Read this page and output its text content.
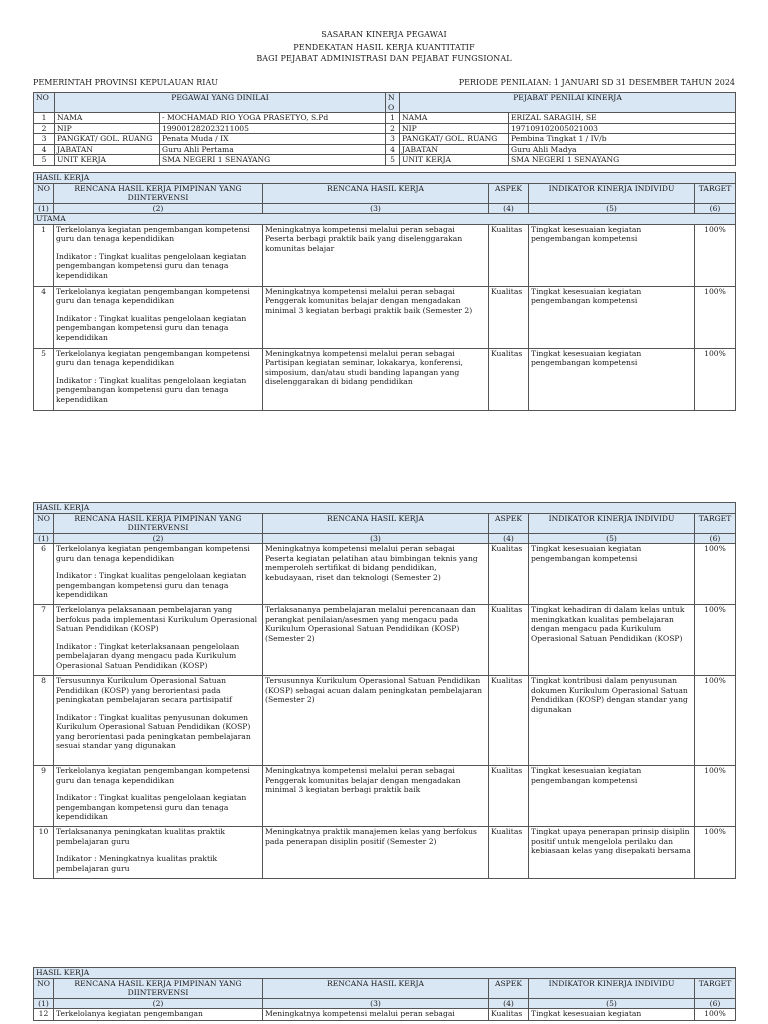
SASARAN KINERJA PEGAWAI
PENDEKATAN HASIL KERJA KUANTITATIF
BAGI PEJABAT ADMINISTRASI DAN PEJABAT FUNGSIONAL
PEMERINTAH PROVINSI KEPULAUAN RIAU	PERIODE PENILAIAN: 1 JANUARI SD 31 DESEMBER TAHUN 2024
NO	PEGAWAI YANG DINILAI		NO	PEJABAT PENILAI KINERJA	
1	NAMA	- MOCHAMAD RIO YOGA PRASETYO, S.Pd	1	NAMA	ERIZAL SARAGIH, SE
2	NIP	199001282023211005	2	NIP	197109102005021003
3	PANGKAT/ GOL. RUANG	Penata Muda / IX	3	PANGKAT/ GOL. RUANG	Pembina Tingkat 1 / IV/b
4	JABATAN	Guru Ahli Pertama	4	JABATAN	Guru Ahli Madya
5	UNIT KERJA	SMA NEGERI 1 SENAYANG	5	UNIT KERJA	SMA NEGERI 1 SENAYANG
HASIL KERJA					
NO	RENCANA HASIL KERJA PIMPINAN YANG DIINTERVENSI	RENCANA HASIL KERJA	ASPEK	INDIKATOR KINERJA INDIVIDU	TARGET
(1)	(2)	(3)	(4)	(5)	(6)
UTAMA					
1	Terkelolanya kegiatan pengembangan kompetensi guru dan tenaga kependidikan
Indikator : Tingkat kualitas pengelolaan kegiatan pengembangan kompetensi guru dan tenaga kependidikan	Meningkatnya kompetensi melalui peran sebagai Peserta berbagi praktik baik yang diselenggarakan komunitas belajar	Kualitas	Tingkat kesesuaian kegiatan pengembangan kompetensi	100%
4	Terkelolanya kegiatan pengembangan kompetensi guru dan tenaga kependidikan
Indikator : Tingkat kualitas pengelolaan kegiatan pengembangan kompetensi guru dan tenaga kependidikan	Meningkatnya kompetensi melalui peran sebagai Penggerak komunitas belajar dengan mengadakan minimal 3 kegiatan berbagi praktik baik (Semester 2)	Kualitas	Tingkat kesesuaian kegiatan pengembangan kompetensi	100%
5	Terkelolanya kegiatan pengembangan kompetensi guru dan tenaga kependidikan
Indikator : Tingkat kualitas pengelolaan kegiatan pengembangan kompetensi guru dan tenaga kependidikan	Meningkatnya kompetensi melalui peran sebagai Partisipan kegiatan seminar, lokakarya, konferensi, simposium, dan/atau studi banding lapangan yang diselenggarakan di bidang pendidikan	Kualitas	Tingkat kesesuaian kegiatan pengembangan kompetensi	100%
HASIL KERJA					
NO	RENCANA HASIL KERJA PIMPINAN YANG DIINTERVENSI	RENCANA HASIL KERJA	ASPEK	INDIKATOR KINERJA INDIVIDU	TARGET
(1)	(2)	(3)	(4)	(5)	(6)
6	Terkelolanya kegiatan pengembangan kompetensi guru dan tenaga kependidikan
Indikator : Tingkat kualitas pengelolaan kegiatan pengembangan kompetensi guru dan tenaga kependidikan	Meningkatnya kompetensi melalui peran sebagai Peserta kegiatan pelatihan atau bimbingan teknis yang memperoleh sertifikat di bidang pendidikan, kebudayaan, riset dan teknologi (Semester 2)	Kualitas	Tingkat kesesuaian kegiatan pengembangan kompetensi	100%
7	Terkelolanya pelaksanaan pembelajaran yang berfokus pada implementasi Kurikulum Operasional Satuan Pendidikan (KOSP)
Indikator : Tingkat keterlaksanaan pengelolaan pembelajaran dyang mengacu pada Kurikulum Operasional Satuan Pendidikan (KOSP)	Terlaksananya pembelajaran melalui perencanaan dan perangkat penilaian/asesmen yang mengacu pada Kurikulum Operasional Satuan Pendidikan (KOSP) (Semester 2)	Kualitas	Tingkat kehadiran di dalam kelas untuk meningkatkan kualitas pembelajaran dengan mengacu pada Kurikulum Operasional Satuan Pendidikan (KOSP)	100%
8	Tersusunnya Kurikulum Operasional Satuan Pendidikan (KOSP) yang berorientasi pada peningkatan pembelajaran secara partisipatif
Indikator : Tingkat kualitas penyusunan dokumen Kurikulum Operasional Satuan Pendidikan (KOSP) yang berorientasi pada peningkatan pembelajaran sesuai standar yang digunakan	Tersusunnya Kurikulum Operasional Satuan Pendidikan (KOSP) sebagai acuan dalam peningkatan pembelajaran (Semester 2)	Kualitas	Tingkat kontribusi dalam penyusunan dokumen Kurikulum Operasional Satuan Pendidikan (KOSP) dengan standar yang digunakan	100%
9	Terkelolanya kegiatan pengembangan kompetensi guru dan tenaga kependidikan
Indikator : Tingkat kualitas pengelolaan kegiatan pengembangan kompetensi guru dan tenaga kependidikan	Meningkatnya kompetensi melalui peran sebagai Penggerak komunitas belajar dengan mengadakan minimal 3 kegiatan berbagi praktik baik	Kualitas	Tingkat kesesuaian kegiatan pengembangan kompetensi	100%
10	Terlaksananya peningkatan kualitas praktik pembelajaran guru
Indikator : Meningkatnya kualitas praktik pembelajaran guru	Meningkatnya praktik manajemen kelas yang berfokus pada penerapan disiplin positif (Semester 2)	Kualitas	Tingkat upaya penerapan prinsip disiplin positif untuk mengelola perilaku dan kebiasaan kelas yang disepakati bersama	100%
HASIL KERJA					
NO	RENCANA HASIL KERJA PIMPINAN YANG DIINTERVENSI	RENCANA HASIL KERJA	ASPEK	INDIKATOR KINERJA INDIVIDU	TARGET
(1)	(2)	(3)	(4)	(5)	(6)
12	Terkelolanya kegiatan pengembangan	Meningkatnya kompetensi melalui peran sebagai	Kualitas	Tingkat kesesuaian kegiatan	100%
